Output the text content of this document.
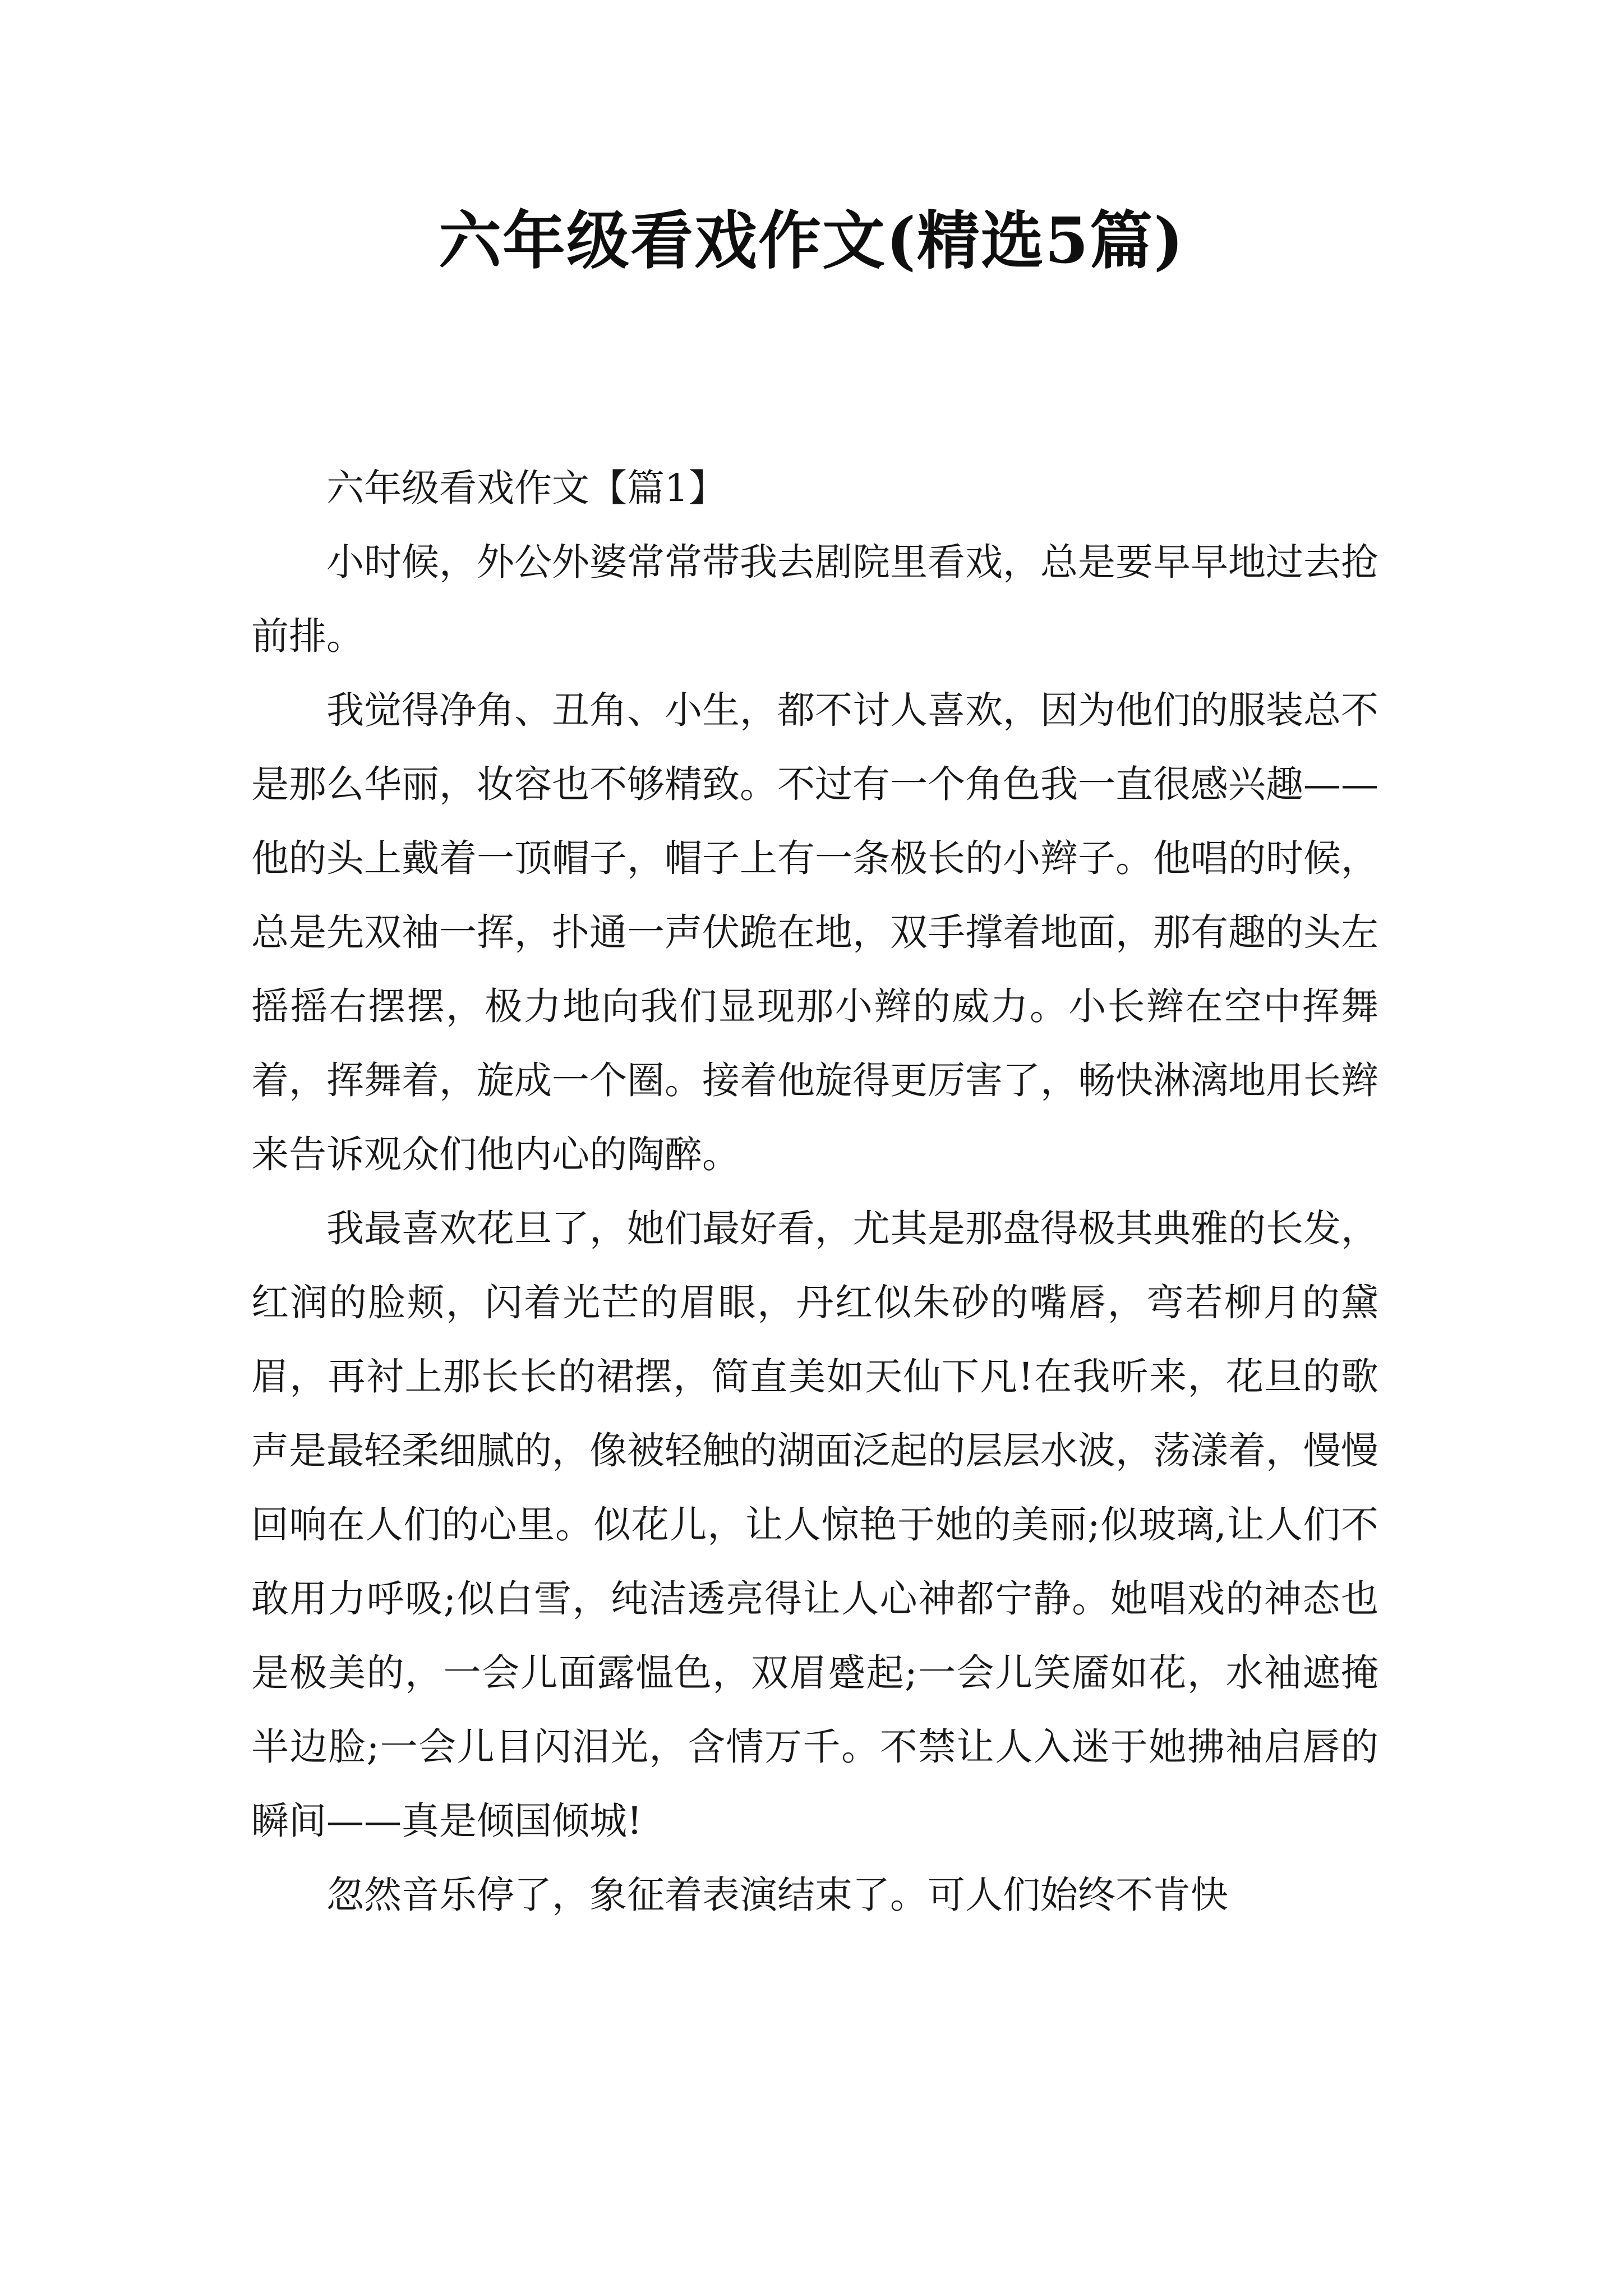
六年级看戏作文(精选5篇)

六年级看戏作文【篇1】

小时候，外公外婆常常带我去剧院里看戏，总是要早早地过去抢前排。

我觉得净角、丑角、小生，都不讨人喜欢，因为他们的服装总不是那么华丽，妆容也不够精致。不过有一个角色我一直很感兴趣——他的头上戴着一顶帽子，帽子上有一条极长的小辫子。他唱的时候，总是先双袖一挥，扑通一声伏跪在地，双手撑着地面，那有趣的头左摇摇右摆摆，极力地向我们显现那小辫的威力。小长辫在空中挥舞着，挥舞着，旋成一个圈。接着他旋得更厉害了，畅快淋漓地用长辫来告诉观众们他内心的陶醉。

我最喜欢花旦了，她们最好看，尤其是那盘得极其典雅的长发，红润的脸颊，闪着光芒的眉眼，丹红似朱砂的嘴唇，弯若柳月的黛眉，再衬上那长长的裙摆，简直美如天仙下凡!在我听来，花旦的歌声是最轻柔细腻的，像被轻触的湖面泛起的层层水波，荡漾着，慢慢回响在人们的心里。似花儿，让人惊艳于她的美丽;似玻璃,让人们不敢用力呼吸;似白雪，纯洁透亮得让人心神都宁静。她唱戏的神态也是极美的，一会儿面露愠色，双眉蹙起;一会儿笑靥如花，水袖遮掩半边脸;一会儿目闪泪光，含情万千。不禁让人入迷于她拂袖启唇的瞬间——真是倾国倾城!

忽然音乐停了，象征着表演结束了。可人们始终不肯快
